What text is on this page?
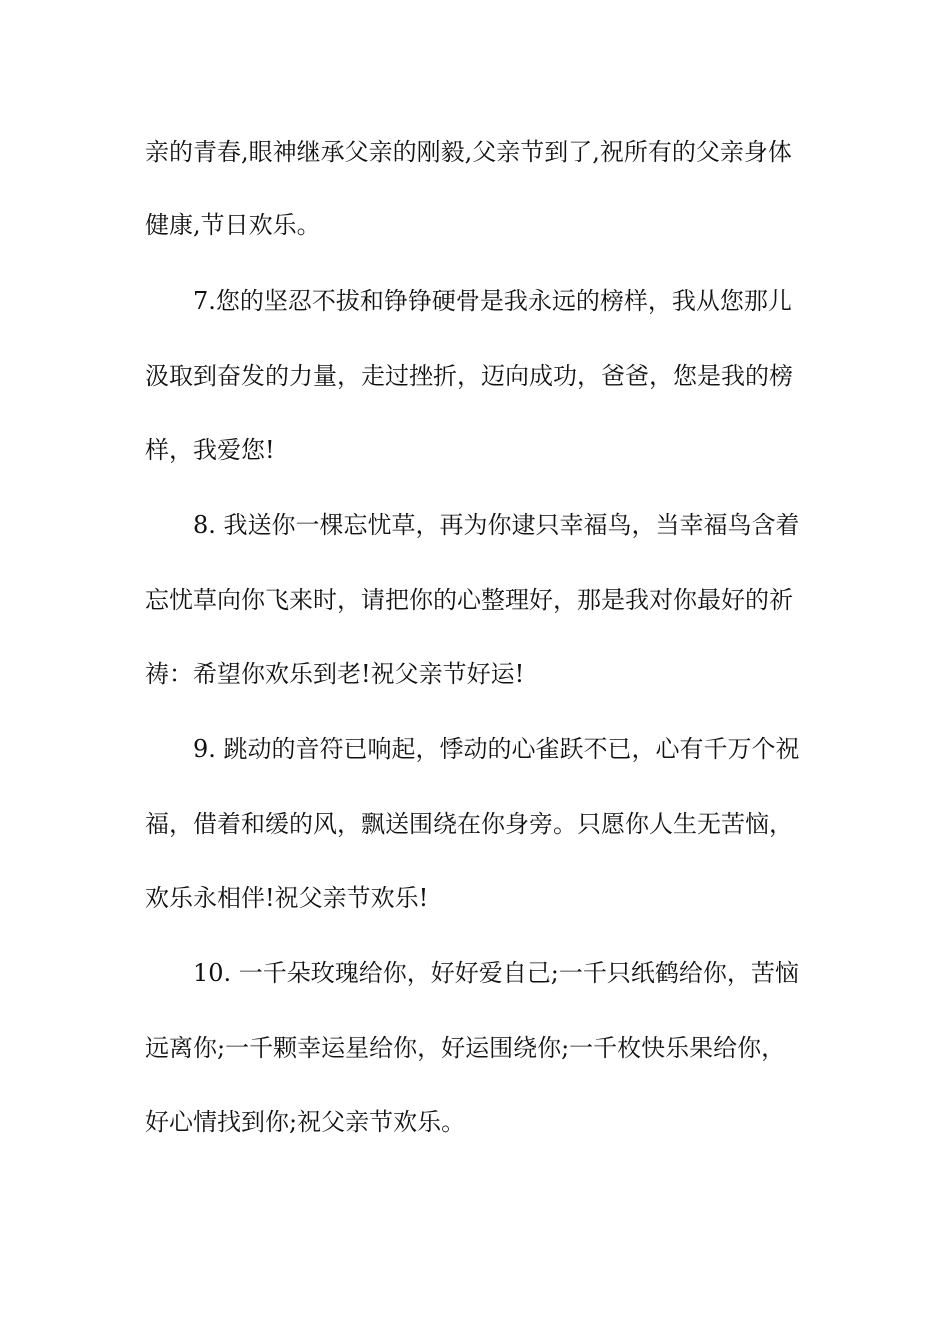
亲的青春,眼神继承父亲的刚毅,父亲节到了,祝所有的父亲身体
健康,节日欢乐。
7.您的坚忍不拔和铮铮硬骨是我永远的榜样，我从您那儿
汲取到奋发的力量，走过挫折，迈向成功，爸爸，您是我的榜
样，我爱您!
8. 我送你一棵忘忧草，再为你逮只幸福鸟，当幸福鸟含着
忘忧草向你飞来时，请把你的心整理好，那是我对你最好的祈
祷：希望你欢乐到老!祝父亲节好运!
9. 跳动的音符已响起，悸动的心雀跃不已，心有千万个祝
福，借着和缓的风，飘送围绕在你身旁。只愿你人生无苦恼，
欢乐永相伴!祝父亲节欢乐!
10. 一千朵玫瑰给你，好好爱自己;一千只纸鹤给你，苦恼
远离你;一千颗幸运星给你，好运围绕你;一千枚快乐果给你，
好心情找到你;祝父亲节欢乐。
